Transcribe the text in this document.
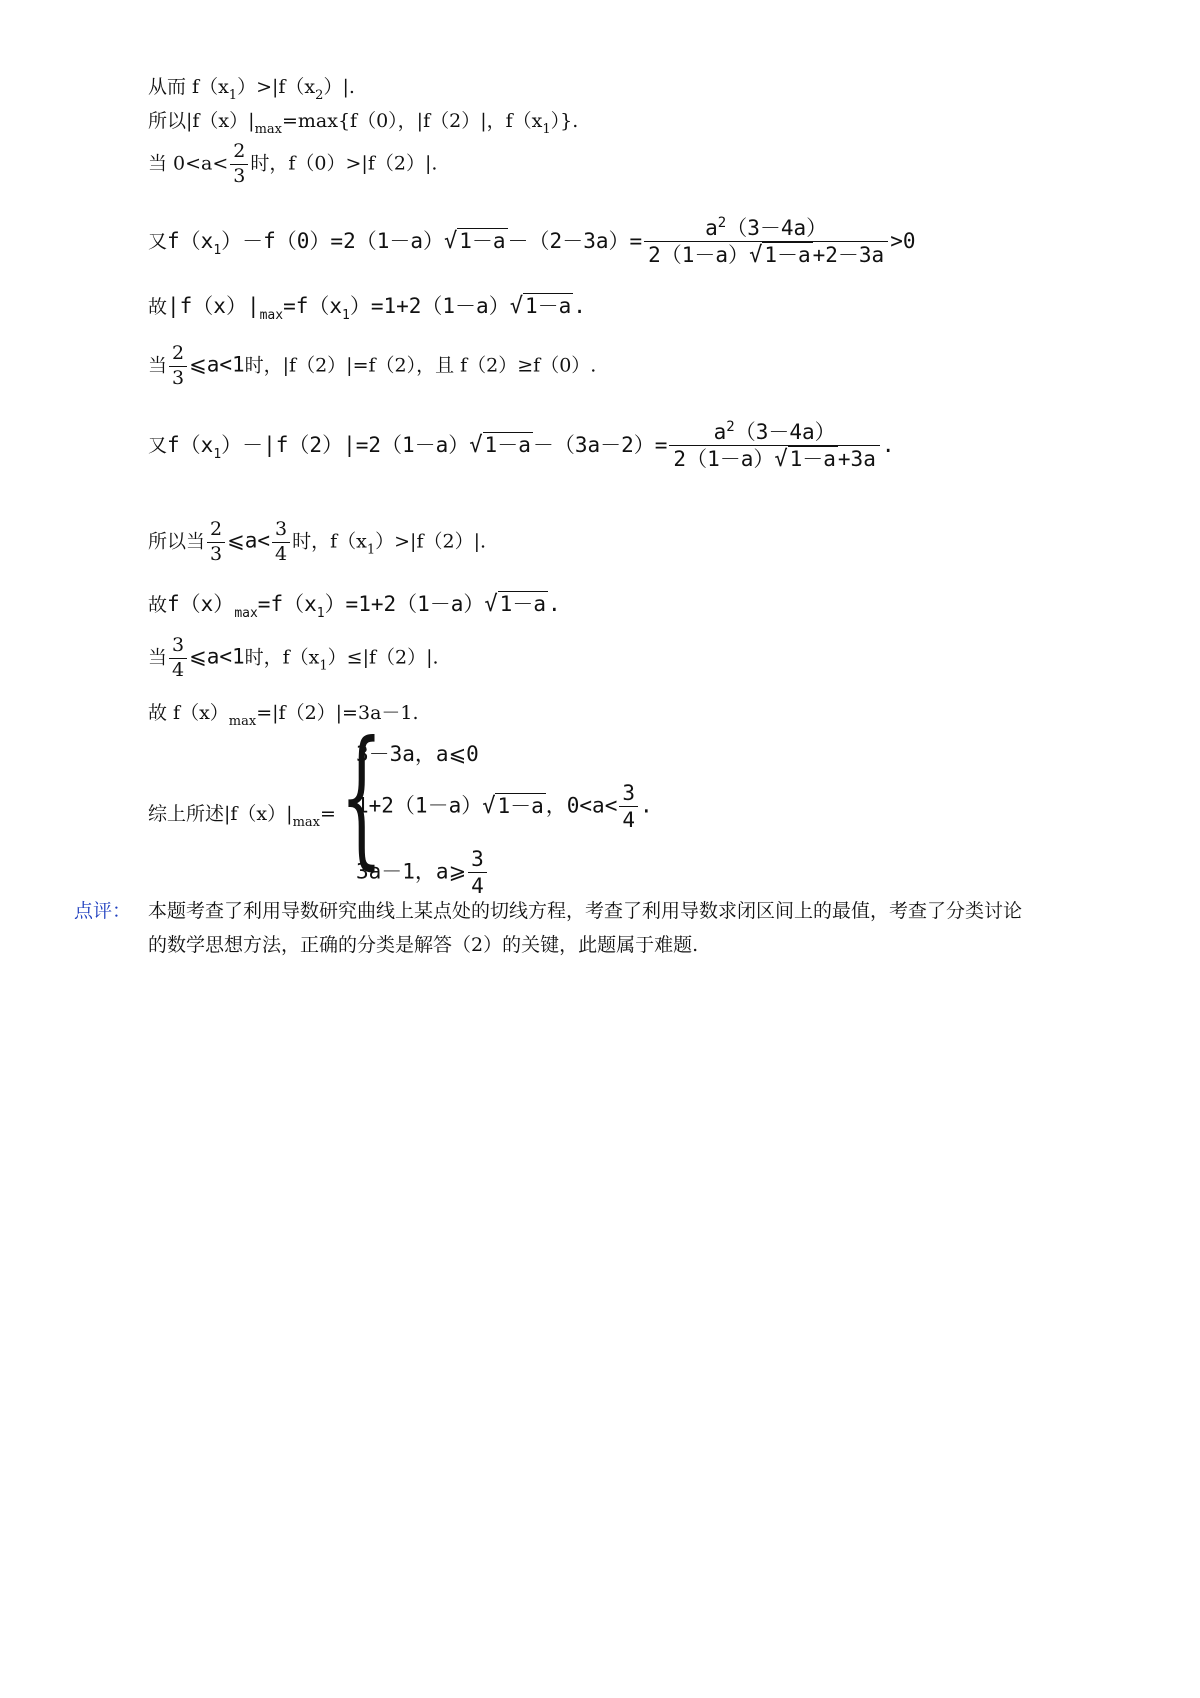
从而 $f(x_1)>|f(x_2)|$.
所以$|f(x)|_{max}=\max\{f(0)$，|f（2）|，$f(x_1)$}.
当 $0<a< \frac{2}{3}$ 时，f（0）>|f（2）|.
又$f(x_1)-f(0)=2(1-a)√1-a-(2-3a)= \frac{a^2(3-4a)}{2(1-a)√1-a+2-3a} >0$
故$|f(x)|_{max}=f(x_1)=1+2(1-a)√1-a$.
当 $\frac{2}{3}$ ⩽a<1时，|f（2）|=f（2），且 f（2）≥f（0）.
又$f(x_1)-|f(2)|=2(1-a)√1-a-(3a-2)= \frac{a^2(3-4a)}{2(1-a)√1-a+3a}$ .
所以当 $\frac{2}{3}$ ⩽a< $\frac{3}{4}$ 时，$f(x_1)>|f(2)|$.
故$f(x)_{max}=f(x_1)=1+2(1-a)√1-a$.
当 $\frac{3}{4}$ ⩽a<1时，$f(x_1)\le|f(2)|$.
故 $f(x)_{max}=|f(2)|=3a-1$.
综上所述$|f(x)|_{max}=$ {
3－3a，a⩽0
1+2（1－a）√1－a，$0<a< \frac{3}{4}$ .
3a－1，a⩾ $\frac{3}{4}$
点评： 本题考查了利用导数研究曲线上某点处的切线方程，考查了利用导数求闭区间上的最值，考查了分类讨论
的数学思想方法，正确的分类是解答（2）的关键，此题属于难题.
